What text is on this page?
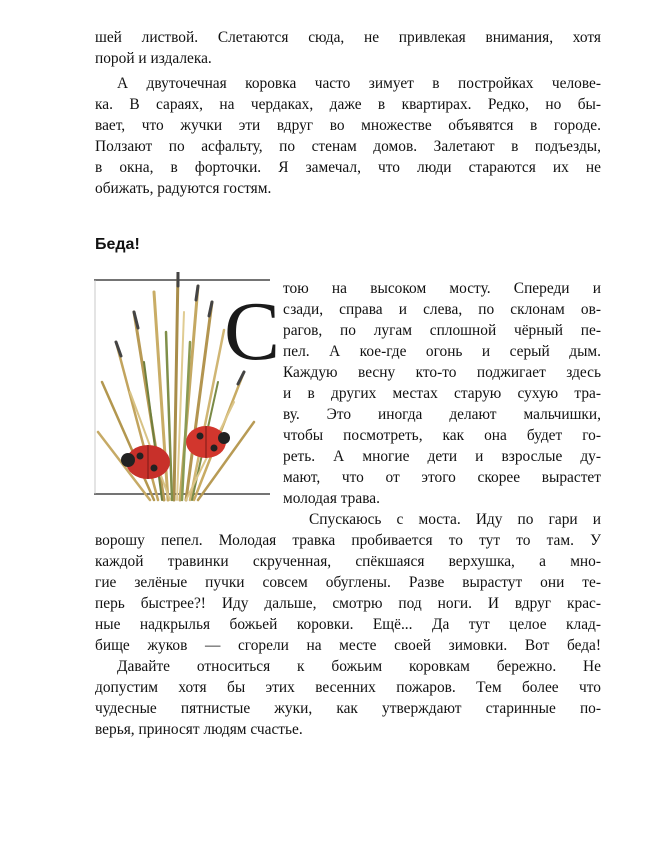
шей листвой. Слетаются сюда, не привлекая внимания, хотя
порой и издалека.
А двуточечная коровка часто зимует в постройках челове-
ка. В сараях, на чердаках, даже в квартирах. Редко, но бы-
вает, что жучки эти вдруг во множестве объявятся в городе.
Ползают по асфальту, по стенам домов. Залетают в подъезды,
в окна, в форточки. Я замечал, что люди стараются их не
обижать, радуются гостям.
Беда!
С тою на высоком мосту. Спереди и
сзади, справа и слева, по склонам ов-
рагов, по лугам сплошной чёрный пе-
пел. А кое-где огонь и серый дым.
Каждую весну кто-то поджигает здесь
и в других местах старую сухую тра-
ву. Это иногда делают мальчишки,
чтобы посмотреть, как она будет го-
реть. А многие дети и взрослые ду-
мают, что от этого скорее вырастет
молодая трава.
Спускаюсь с моста. Иду по гари и
ворошу пепел. Молодая травка пробивается то тут то там. У
каждой травинки скрученная, спёкшаяся верхушка, а мно-
гие зелёные пучки совсем обуглены. Разве вырастут они те-
перь быстрее?! Иду дальше, смотрю под ноги. И вдруг крас-
ные надкрылья божьей коровки. Ещё... Да тут целое клад-
бище жуков — сгорели на месте своей зимовки. Вот беда!
Давайте относиться к божьим коровкам бережно. Не
допустим хотя бы этих весенних пожаров. Тем более что
чудесные пятнистые жуки, как утверждают старинные по-
верья, приносят людям счастье.
